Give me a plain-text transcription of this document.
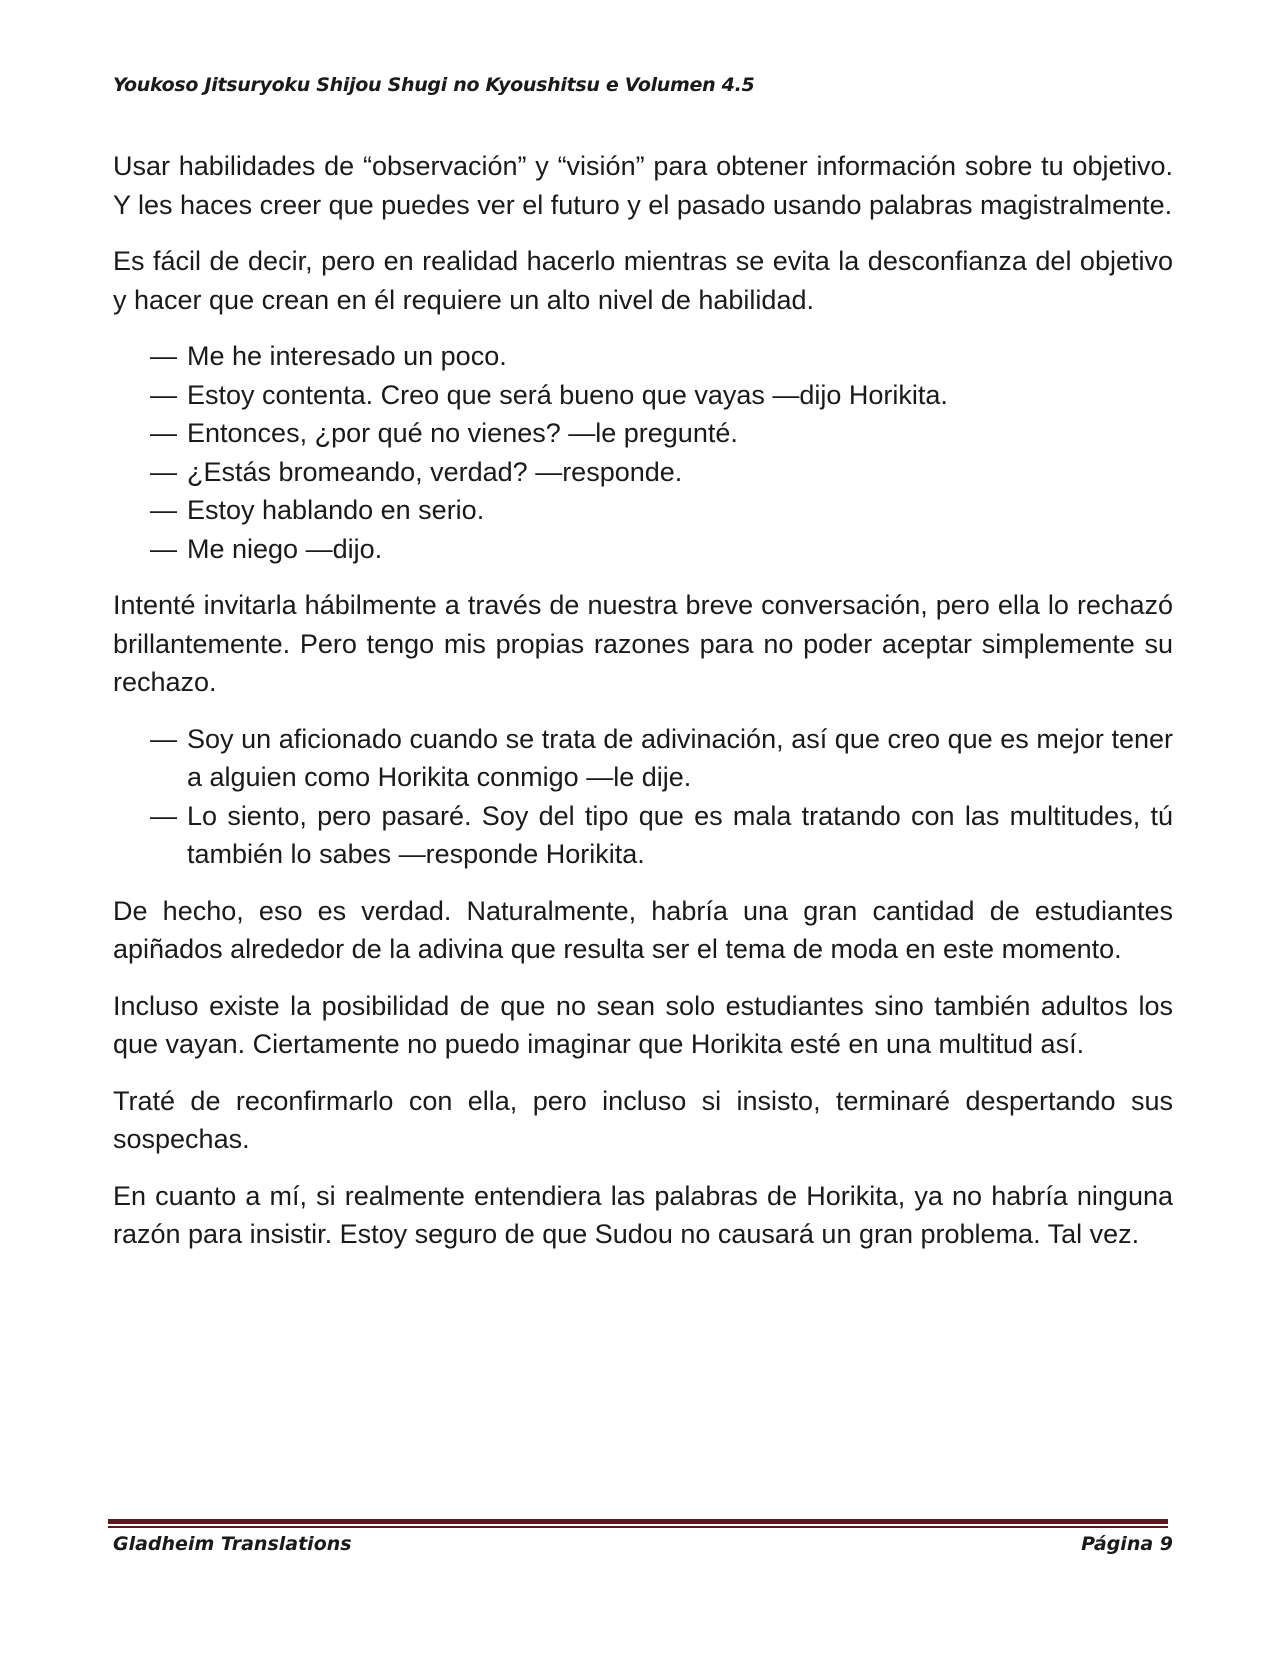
Youkoso Jitsuryoku Shijou Shugi no Kyoushitsu e Volumen 4.5

Usar habilidades de “observación” y “visión” para obtener información sobre tu objetivo. Y les haces creer que puedes ver el futuro y el pasado usando palabras magistralmente.

Es fácil de decir, pero en realidad hacerlo mientras se evita la desconfianza del objetivo y hacer que crean en él requiere un alto nivel de habilidad.

— Me he interesado un poco.
— Estoy contenta. Creo que será bueno que vayas —dijo Horikita.
— Entonces, ¿por qué no vienes? —le pregunté.
— ¿Estás bromeando, verdad? —responde.
— Estoy hablando en serio.
— Me niego —dijo.

Intenté invitarla hábilmente a través de nuestra breve conversación, pero ella lo rechazó brillantemente. Pero tengo mis propias razones para no poder aceptar simplemente su rechazo.

— Soy un aficionado cuando se trata de adivinación, así que creo que es mejor tener a alguien como Horikita conmigo —le dije.
— Lo siento, pero pasaré. Soy del tipo que es mala tratando con las multitudes, tú también lo sabes —responde Horikita.

De hecho, eso es verdad. Naturalmente, habría una gran cantidad de estudiantes apiñados alrededor de la adivina que resulta ser el tema de moda en este momento.

Incluso existe la posibilidad de que no sean solo estudiantes sino también adultos los que vayan. Ciertamente no puedo imaginar que Horikita esté en una multitud así.

Traté de reconfirmarlo con ella, pero incluso si insisto, terminaré despertando sus sospechas.

En cuanto a mí, si realmente entendiera las palabras de Horikita, ya no habría ninguna razón para insistir. Estoy seguro de que Sudou no causará un gran problema. Tal vez.

Gladheim Translations	Página 9
